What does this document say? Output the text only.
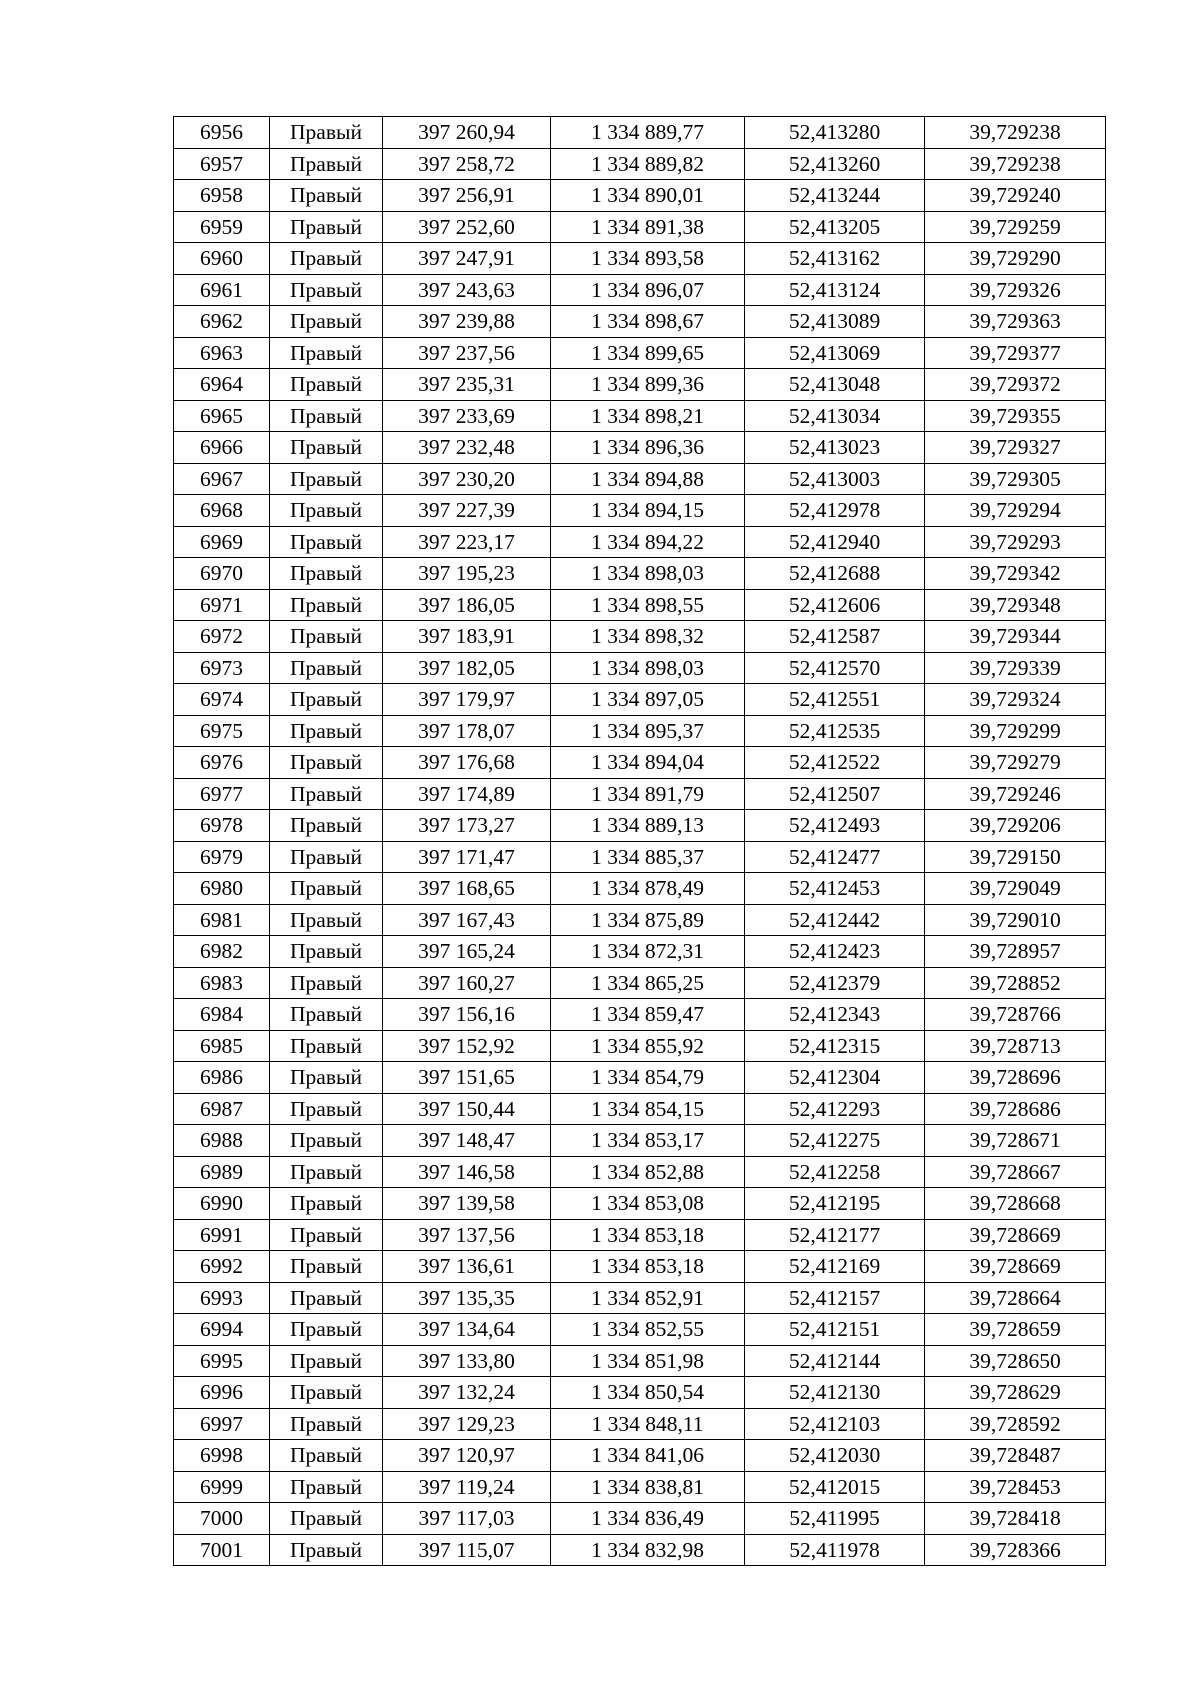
6956	Правый	397 260,94	1 334 889,77	52,413280	39,729238
6957	Правый	397 258,72	1 334 889,82	52,413260	39,729238
6958	Правый	397 256,91	1 334 890,01	52,413244	39,729240
6959	Правый	397 252,60	1 334 891,38	52,413205	39,729259
6960	Правый	397 247,91	1 334 893,58	52,413162	39,729290
6961	Правый	397 243,63	1 334 896,07	52,413124	39,729326
6962	Правый	397 239,88	1 334 898,67	52,413089	39,729363
6963	Правый	397 237,56	1 334 899,65	52,413069	39,729377
6964	Правый	397 235,31	1 334 899,36	52,413048	39,729372
6965	Правый	397 233,69	1 334 898,21	52,413034	39,729355
6966	Правый	397 232,48	1 334 896,36	52,413023	39,729327
6967	Правый	397 230,20	1 334 894,88	52,413003	39,729305
6968	Правый	397 227,39	1 334 894,15	52,412978	39,729294
6969	Правый	397 223,17	1 334 894,22	52,412940	39,729293
6970	Правый	397 195,23	1 334 898,03	52,412688	39,729342
6971	Правый	397 186,05	1 334 898,55	52,412606	39,729348
6972	Правый	397 183,91	1 334 898,32	52,412587	39,729344
6973	Правый	397 182,05	1 334 898,03	52,412570	39,729339
6974	Правый	397 179,97	1 334 897,05	52,412551	39,729324
6975	Правый	397 178,07	1 334 895,37	52,412535	39,729299
6976	Правый	397 176,68	1 334 894,04	52,412522	39,729279
6977	Правый	397 174,89	1 334 891,79	52,412507	39,729246
6978	Правый	397 173,27	1 334 889,13	52,412493	39,729206
6979	Правый	397 171,47	1 334 885,37	52,412477	39,729150
6980	Правый	397 168,65	1 334 878,49	52,412453	39,729049
6981	Правый	397 167,43	1 334 875,89	52,412442	39,729010
6982	Правый	397 165,24	1 334 872,31	52,412423	39,728957
6983	Правый	397 160,27	1 334 865,25	52,412379	39,728852
6984	Правый	397 156,16	1 334 859,47	52,412343	39,728766
6985	Правый	397 152,92	1 334 855,92	52,412315	39,728713
6986	Правый	397 151,65	1 334 854,79	52,412304	39,728696
6987	Правый	397 150,44	1 334 854,15	52,412293	39,728686
6988	Правый	397 148,47	1 334 853,17	52,412275	39,728671
6989	Правый	397 146,58	1 334 852,88	52,412258	39,728667
6990	Правый	397 139,58	1 334 853,08	52,412195	39,728668
6991	Правый	397 137,56	1 334 853,18	52,412177	39,728669
6992	Правый	397 136,61	1 334 853,18	52,412169	39,728669
6993	Правый	397 135,35	1 334 852,91	52,412157	39,728664
6994	Правый	397 134,64	1 334 852,55	52,412151	39,728659
6995	Правый	397 133,80	1 334 851,98	52,412144	39,728650
6996	Правый	397 132,24	1 334 850,54	52,412130	39,728629
6997	Правый	397 129,23	1 334 848,11	52,412103	39,728592
6998	Правый	397 120,97	1 334 841,06	52,412030	39,728487
6999	Правый	397 119,24	1 334 838,81	52,412015	39,728453
7000	Правый	397 117,03	1 334 836,49	52,411995	39,728418
7001	Правый	397 115,07	1 334 832,98	52,411978	39,728366
